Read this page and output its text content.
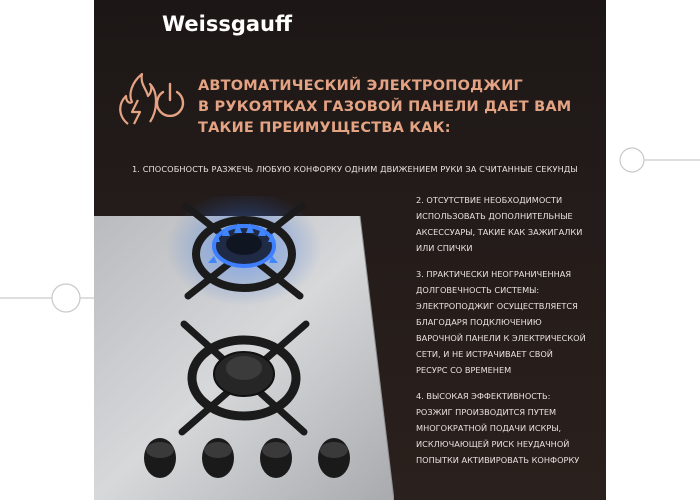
Weissgauff
АВТОМАТИЧЕСКИЙ ЭЛЕКТРОПОДЖИГ
В РУКОЯТКАХ ГАЗОВОЙ ПАНЕЛИ ДАЕТ ВАМ
ТАКИЕ ПРЕИМУЩЕСТВА КАК:
1. СПОСОБНОСТЬ РАЗЖЕЧЬ ЛЮБУЮ КОНФОРКУ ОДНИМ ДВИЖЕНИЕМ РУКИ ЗА СЧИТАННЫЕ СЕКУНДЫ
2. ОТСУТСТВИЕ НЕОБХОДИМОСТИ
ИСПОЛЬЗОВАТЬ ДОПОЛНИТЕЛЬНЫЕ
АКСЕССУАРЫ, ТАКИЕ КАК ЗАЖИГАЛКИ
ИЛИ СПИЧКИ
3. ПРАКТИЧЕСКИ НЕОГРАНИЧЕННАЯ
ДОЛГОВЕЧНОСТЬ СИСТЕМЫ:
ЭЛЕКТРОПОДЖИГ ОСУЩЕСТВЛЯЕТСЯ
БЛАГОДАРЯ ПОДКЛЮЧЕНИЮ
ВАРОЧНОЙ ПАНЕЛИ К ЭЛЕКТРИЧЕСКОЙ
СЕТИ, И НЕ ИСТРАЧИВАЕТ СВОЙ
РЕСУРС СО ВРЕМЕНЕМ
4. ВЫСОКАЯ ЭФФЕКТИВНОСТЬ:
РОЗЖИГ ПРОИЗВОДИТСЯ ПУТЕМ
МНОГОКРАТНОЙ ПОДАЧИ ИСКРЫ,
ИСКЛЮЧАЮЩЕЙ РИСК НЕУДАЧНОЙ
ПОПЫТКИ АКТИВИРОВАТЬ КОНФОРКУ
